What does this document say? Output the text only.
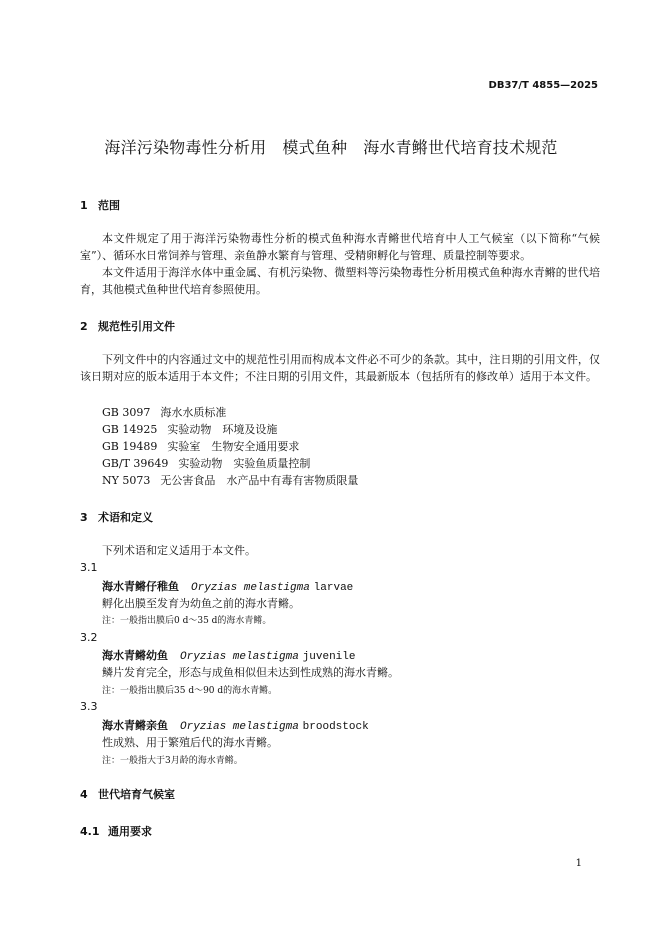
DB37/T 4855—2025
海洋污染物毒性分析用 模式鱼种 海水青鳉世代培育技术规范
1 范围
本文件规定了用于海洋污染物毒性分析的模式鱼种海水青鳉世代培育中人工气候室（以下简称“气候室”）、循环水日常饲养与管理、亲鱼静水繁育与管理、受精卵孵化与管理、质量控制等要求。
本文件适用于海洋水体中重金属、有机污染物、微塑料等污染物毒性分析用模式鱼种海水青鳉的世代培育，其他模式鱼种世代培育参照使用。
2 规范性引用文件
下列文件中的内容通过文中的规范性引用而构成本文件必不可少的条款。其中，注日期的引用文件，仅该日期对应的版本适用于本文件；不注日期的引用文件，其最新版本（包括所有的修改单）适用于本文件。
GB 3097 海水水质标准
GB 14925 实验动物　环境及设施
GB 19489 实验室　生物安全通用要求
GB/T 39649 实验动物　实验鱼质量控制
NY 5073 无公害食品　水产品中有毒有害物质限量
3 术语和定义
下列术语和定义适用于本文件。
3.1
海水青鳉仔稚鱼 Oryzias melastigma larvae
孵化出膜至发育为幼鱼之前的海水青鳉。
注：一般指出膜后0 d～35 d的海水青鳉。
3.2
海水青鳉幼鱼 Oryzias melastigma juvenile
鳞片发育完全，形态与成鱼相似但未达到性成熟的海水青鳉。
注：一般指出膜后35 d～90 d的海水青鳉。
3.3
海水青鳉亲鱼 Oryzias melastigma broodstock
性成熟、用于繁殖后代的海水青鳉。
注：一般指大于3月龄的海水青鳉。
4 世代培育气候室
4.1 通用要求
1
